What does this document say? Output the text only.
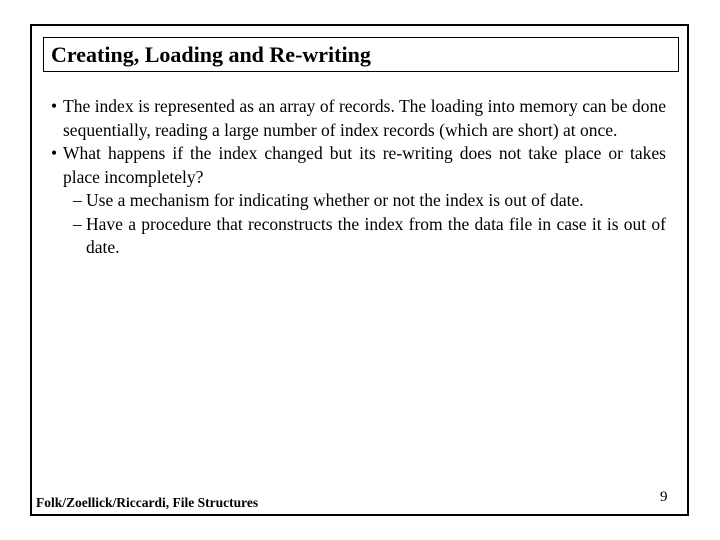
Creating, Loading and Re-writing

• The index is represented as an array of records. The loading into memory can be done sequentially, reading a large number of index records (which are short) at once.

• What happens if the index changed but its re-writing does not take place or takes place incompletely?

– Use a mechanism for indicating whether or not the index is out of date.

– Have a procedure that reconstructs the index from the data file in case it is out of date.

Folk/Zoellick/Riccardi, File Structures	9
